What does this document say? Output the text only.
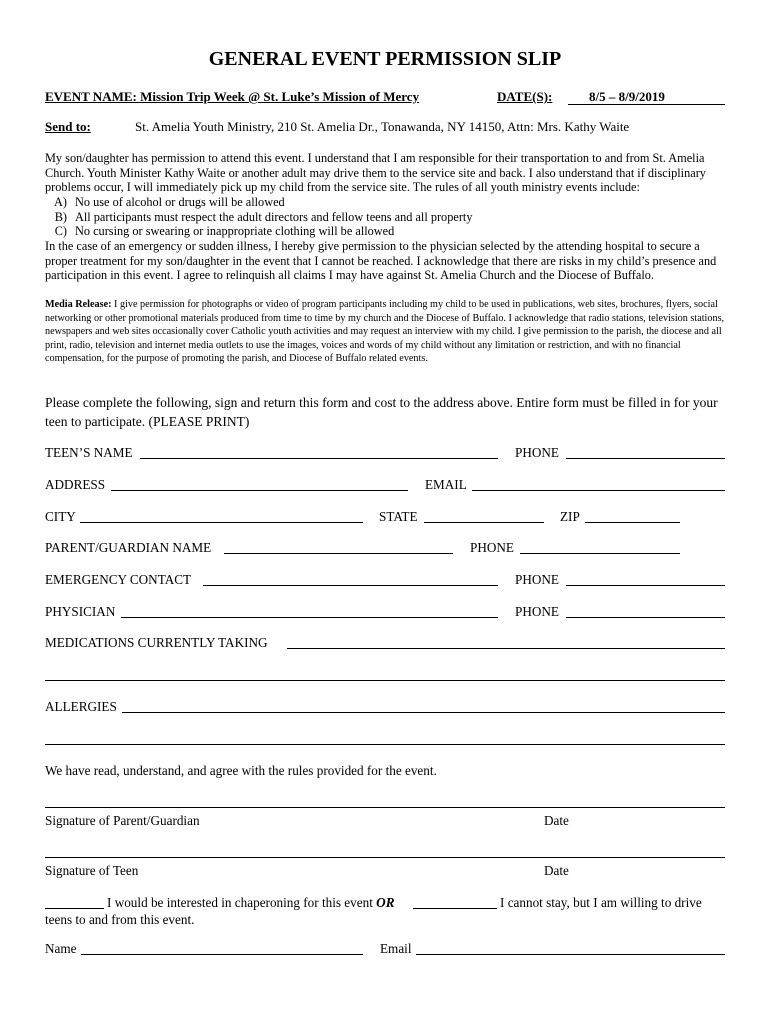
GENERAL EVENT PERMISSION SLIP
EVENT NAME: Mission Trip Week @ St. Luke’s Mission of Mercy	DATE(S):	8/5 – 8/9/2019
Send to:	St. Amelia Youth Ministry, 210 St. Amelia Dr., Tonawanda, NY 14150, Attn: Mrs. Kathy Waite
My son/daughter has permission to attend this event. I understand that I am responsible for their transportation to and from St. Amelia Church. Youth Minister Kathy Waite or another adult may drive them to the service site and back. I also understand that if disciplinary problems occur, I will immediately pick up my child from the service site. The rules of all youth ministry events include:
A) No use of alcohol or drugs will be allowed
B) All participants must respect the adult directors and fellow teens and all property
C) No cursing or swearing or inappropriate clothing will be allowed
In the case of an emergency or sudden illness, I hereby give permission to the physician selected by the attending hospital to secure a proper treatment for my son/daughter in the event that I cannot be reached. I acknowledge that there are risks in my child’s presence and participation in this event. I agree to relinquish all claims I may have against St. Amelia Church and the Diocese of Buffalo.
Media Release: I give permission for photographs or video of program participants including my child to be used in publications, web sites, brochures, flyers, social networking or other promotional materials produced from time to time by my church and the Diocese of Buffalo. I acknowledge that radio stations, television stations, newspapers and web sites occasionally cover Catholic youth activities and may request an interview with my child. I give permission to the parish, the diocese and all print, radio, television and internet media outlets to use the images, voices and words of my child without any limitation or restriction, and with no financial compensation, for the purpose of promoting the parish, and Diocese of Buffalo related events.
Please complete the following, sign and return this form and cost to the address above. Entire form must be filled in for your teen to participate. (PLEASE PRINT)
TEEN’S NAME	PHONE
ADDRESS	EMAIL
CITY	STATE	ZIP
PARENT/GUARDIAN NAME	PHONE
EMERGENCY CONTACT	PHONE
PHYSICIAN	PHONE
MEDICATIONS CURRENTLY TAKING
ALLERGIES
We have read, understand, and agree with the rules provided for the event.
Signature of Parent/Guardian	Date
Signature of Teen	Date
I would be interested in chaperoning for this event OR	I cannot stay, but I am willing to drive
teens to and from this event.
Name	Email
